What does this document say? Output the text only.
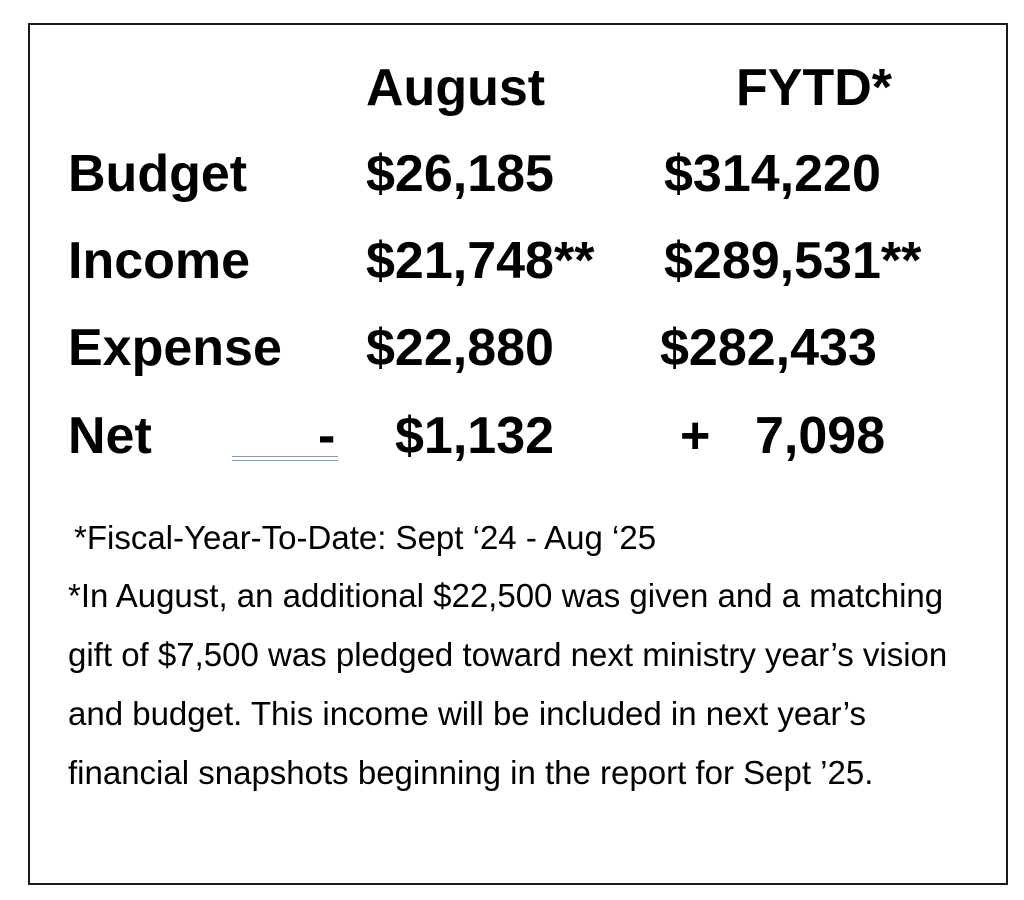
August	FYTD*
Budget $26,185 $314,220
Income $21,748** $289,531**
Expense $22,880 $282,433
Net	- $1,132 + 7,098
*Fiscal-Year-To-Date: Sept ‘24 - Aug ‘25
*In August, an additional $22,500 was given and a matching gift of $7,500 was pledged toward next ministry year’s vision and budget. This income will be included in next year’s financial snapshots beginning in the report for Sept ’25.
